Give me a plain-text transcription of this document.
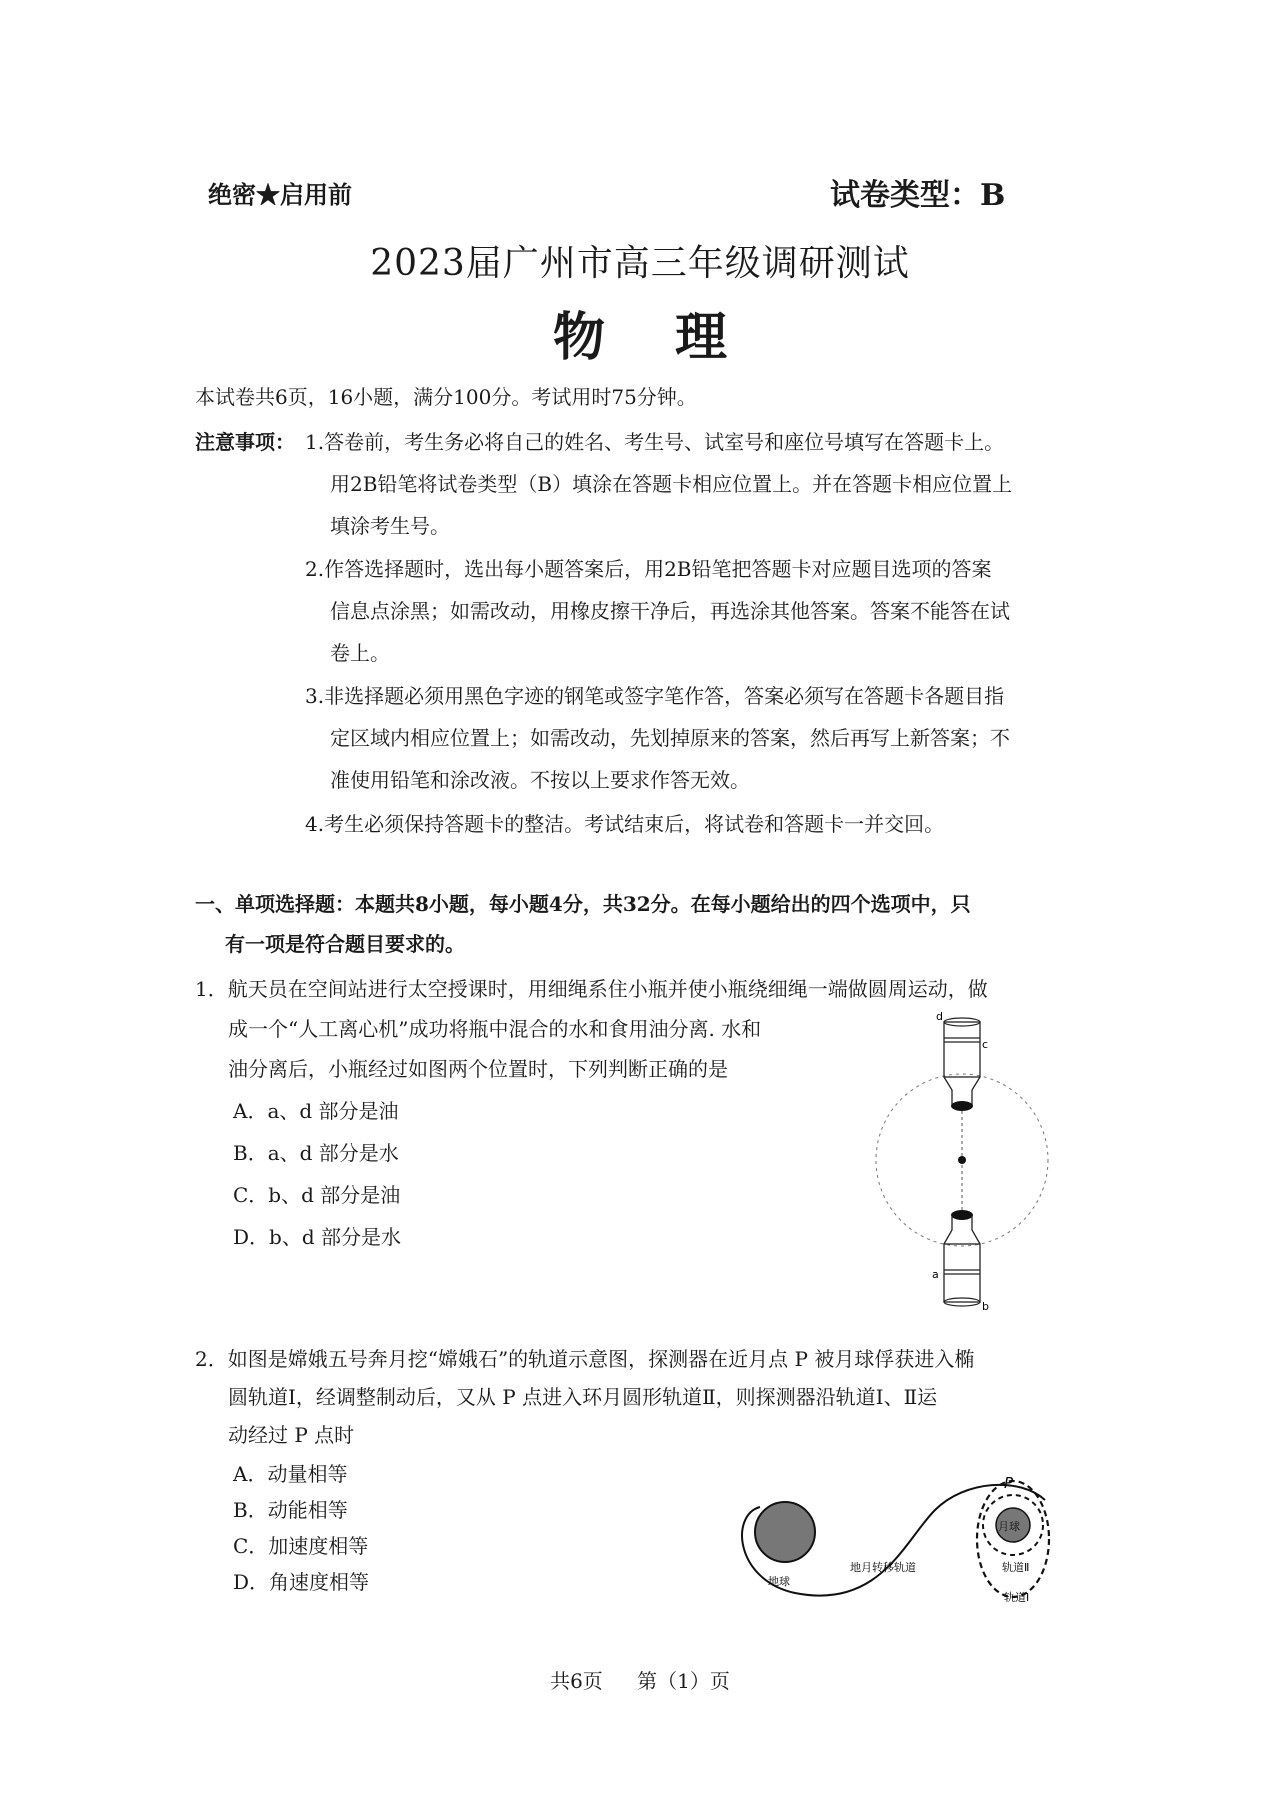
绝密★启用前	试卷类型：B
2023届广州市高三年级调研测试
物理
本试卷共6页，16小题，满分100分。考试用时75分钟。
注意事项： 1.答卷前，考生务必将自己的姓名、考生号、试室号和座位号填写在答题卡上。
用2B铅笔将试卷类型（B）填涂在答题卡相应位置上。并在答题卡相应位置上
填涂考生号。
2.作答选择题时，选出每小题答案后，用2B铅笔把答题卡对应题目选项的答案
信息点涂黑；如需改动，用橡皮擦干净后，再选涂其他答案。答案不能答在试
卷上。
3.非选择题必须用黑色字迹的钢笔或签字笔作答，答案必须写在答题卡各题目指
定区域内相应位置上；如需改动，先划掉原来的答案，然后再写上新答案；不
准使用铅笔和涂改液。不按以上要求作答无效。
4.考生必须保持答题卡的整洁。考试结束后，将试卷和答题卡一并交回。
一、单项选择题：本题共8小题，每小题4分，共32分。在每小题给出的四个选项中，只
有一项是符合题目要求的。
1．航天员在空间站进行太空授课时，用细绳系住小瓶并使小瓶绕细绳一端做圆周运动，做
成一个“人工离心机”成功将瓶中混合的水和食用油分离. 水和
油分离后，小瓶经过如图两个位置时，下列判断正确的是
A．a、d 部分是油
B．a、d 部分是水
C．b、d 部分是油
D．b、d 部分是水
d
c
a
b
2．如图是嫦娥五号奔月挖“嫦娥石”的轨道示意图，探测器在近月点 P 被月球俘获进入椭
圆轨道Ⅰ，经调整制动后，又从 P 点进入环月圆形轨道Ⅱ，则探测器沿轨道Ⅰ、Ⅱ运
动经过 P 点时
A．动量相等
B．动能相等
C．加速度相等
D．角速度相等
P
月球
地球
地月转移轨道	轨道Ⅱ
轨道Ⅰ
共6页 第（1）页
